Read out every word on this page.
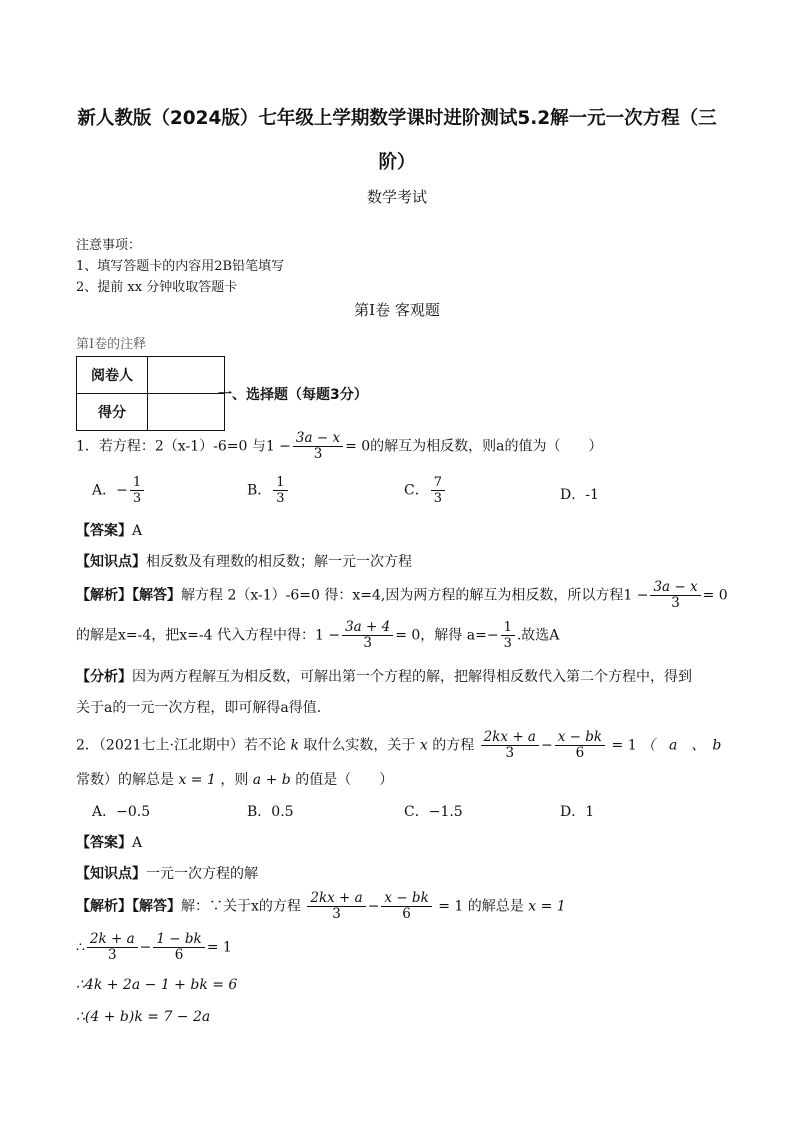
新人教版（2024版）七年级上学期数学课时进阶测试5.2解一元一次方程（三
阶）
数学考试
注意事项：
1、填写答题卡的内容用2B铅笔填写
2、提前 xx 分钟收取答题卡
第Ⅰ卷 客观题
第Ⅰ卷的注释
阅卷人	
得分	
一、选择题（每题3分）
1．若方程：2（x-1）-6=0 与$1 - \frac{3a - x}{3} = 0$的解互为相反数，则a的值为（　　）
A．− $\frac{1}{3}$	B． $\frac{1}{3}$	C． $\frac{7}{3}$	D．-1
【答案】A
【知识点】相反数及有理数的相反数；解一元一次方程
【解析】【解答】解方程 2（x-1）-6=0 得：x=4,因为两方程的解互为相反数，所以方程$1 - \frac{3a - x}{3} = 0$
的解是x=-4，把x=-4 代入方程中得：$1 - \frac{3a + 4}{3} = 0$，解得 $a=- \frac{1}{3}$ .故选A
【分析】因为两方程解互为相反数，可解出第一个方程的解，把解得相反数代入第二个方程中，得到
关于a的一元一次方程，即可解得a得值.
2．（2021七上·江北期中）若不论 k 取什么实数，关于 x 的方程 $\frac{2kx + a}{3} - \frac{x - bk}{6} = 1$ （　a　、　b
常数）的解总是 x = 1 ，则 a + b 的值是（　　）
A．−0.5	B．0.5	C．−1.5	D．1
【答案】A
【知识点】一元一次方程的解
【解析】【解答】解：∵关于x的方程 $\frac{2kx + a}{3} - \frac{x - bk}{6} = 1$ 的解总是 x = 1
∴ $\frac{2k + a}{3} - \frac{1 - bk}{6} = 1$
∴4k + 2a − 1 + bk = 6
∴(4 + b)k = 7 − 2a
